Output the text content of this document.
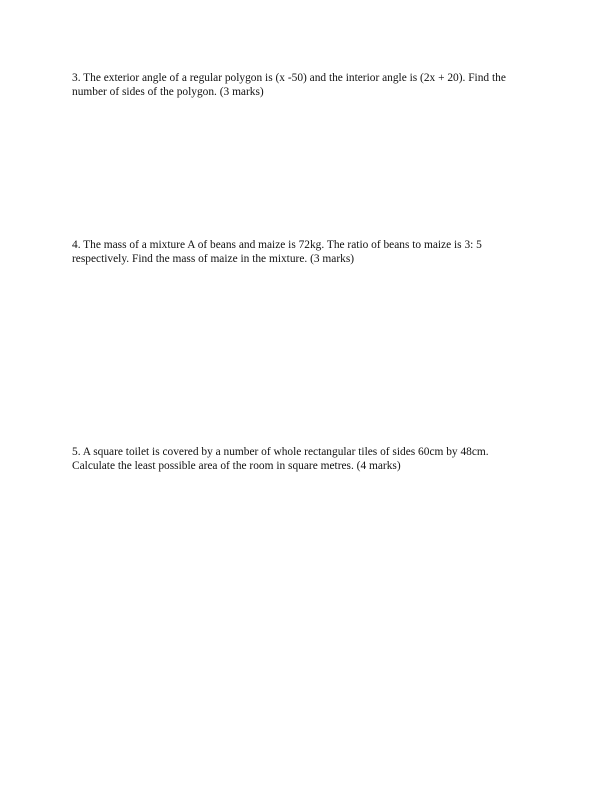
3. The exterior angle of a regular polygon is (x -50) and the interior angle is (2x + 20). Find the
number of sides of the polygon. (3 marks)
4. The mass of a mixture A of beans and maize is 72kg. The ratio of beans to maize is 3: 5
respectively. Find the mass of maize in the mixture. (3 marks)
5. A square toilet is covered by a number of whole rectangular tiles of sides 60cm by 48cm.
Calculate the least possible area of the room in square metres. (4 marks)
